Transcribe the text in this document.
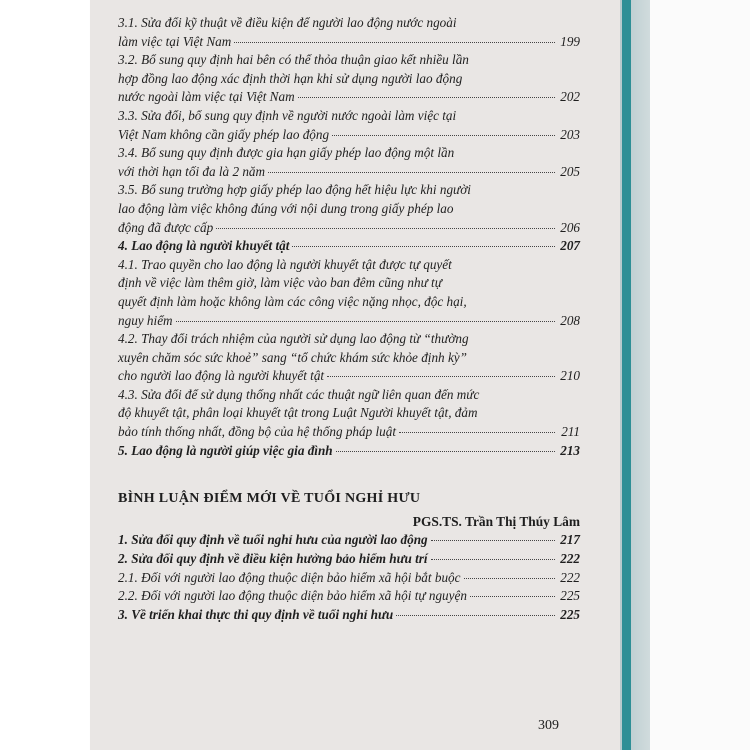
3.1. Sửa đổi kỹ thuật về điều kiện để người lao động nước ngoài
làm việc tại Việt Nam	199
3.2. Bổ sung quy định hai bên có thể thỏa thuận giao kết nhiều lần
hợp đồng lao động xác định thời hạn khi sử dụng người lao động
nước ngoài làm việc tại Việt Nam	202
3.3. Sửa đổi, bổ sung quy định về người nước ngoài làm việc tại
Việt Nam không cần giấy phép lao động	203
3.4. Bổ sung quy định được gia hạn giấy phép lao động một lần
với thời hạn tối đa là 2 năm	205
3.5. Bổ sung trường hợp giấy phép lao động hết hiệu lực khi người
lao động làm việc không đúng với nội dung trong giấy phép lao
động đã được cấp	206
4. Lao động là người khuyết tật	207
4.1. Trao quyền cho lao động là người khuyết tật được tự quyết
định về việc làm thêm giờ, làm việc vào ban đêm cũng như tự
quyết định làm hoặc không làm các công việc nặng nhọc, độc hại,
nguy hiểm	208
4.2. Thay đổi trách nhiệm của người sử dụng lao động từ “thường
xuyên chăm sóc sức khoẻ” sang “tổ chức khám sức khỏe định kỳ”
cho người lao động là người khuyết tật	210
4.3. Sửa đổi để sử dụng thống nhất các thuật ngữ liên quan đến mức
độ khuyết tật, phân loại khuyết tật trong Luật Người khuyết tật, đảm
bảo tính thống nhất, đồng bộ của hệ thống pháp luật	211
5. Lao động là người giúp việc gia đình	213
BÌNH LUẬN ĐIỂM MỚI VỀ TUỔI NGHỈ HƯU
PGS.TS. Trần Thị Thúy Lâm
1. Sửa đổi quy định về tuổi nghỉ hưu của người lao động	217
2. Sửa đổi quy định về điều kiện hưởng bảo hiểm hưu trí	222
2.1. Đối với người lao động thuộc diện bảo hiểm xã hội bắt buộc	222
2.2. Đối với người lao động thuộc diện bảo hiểm xã hội tự nguyện	225
3. Về triển khai thực thi quy định về tuổi nghỉ hưu	225
309
